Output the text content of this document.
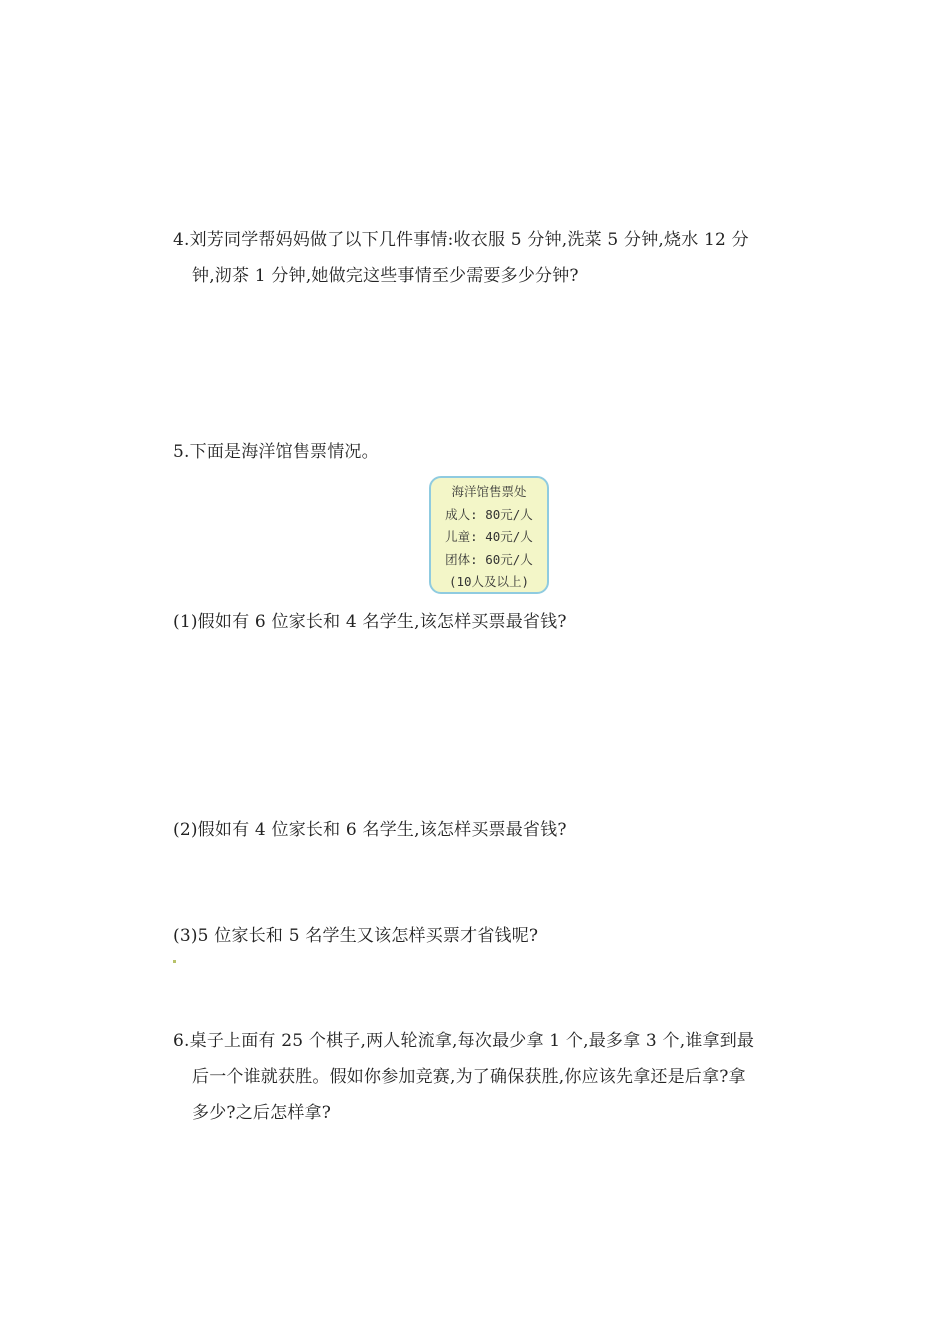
4.刘芳同学帮妈妈做了以下几件事情:收衣服 5 分钟,洗菜 5 分钟,烧水 12 分
钟,沏茶 1 分钟,她做完这些事情至少需要多少分钟?
5.下面是海洋馆售票情况。
海洋馆售票处
成人: 80元/人
儿童: 40元/人
团体: 60元/人
(10人及以上)
(1)假如有 6 位家长和 4 名学生,该怎样买票最省钱?
(2)假如有 4 位家长和 6 名学生,该怎样买票最省钱?
(3)5 位家长和 5 名学生又该怎样买票才省钱呢?
6.桌子上面有 25 个棋子,两人轮流拿,每次最少拿 1 个,最多拿 3 个,谁拿到最
后一个谁就获胜。假如你参加竞赛,为了确保获胜,你应该先拿还是后拿?拿
多少?之后怎样拿?
